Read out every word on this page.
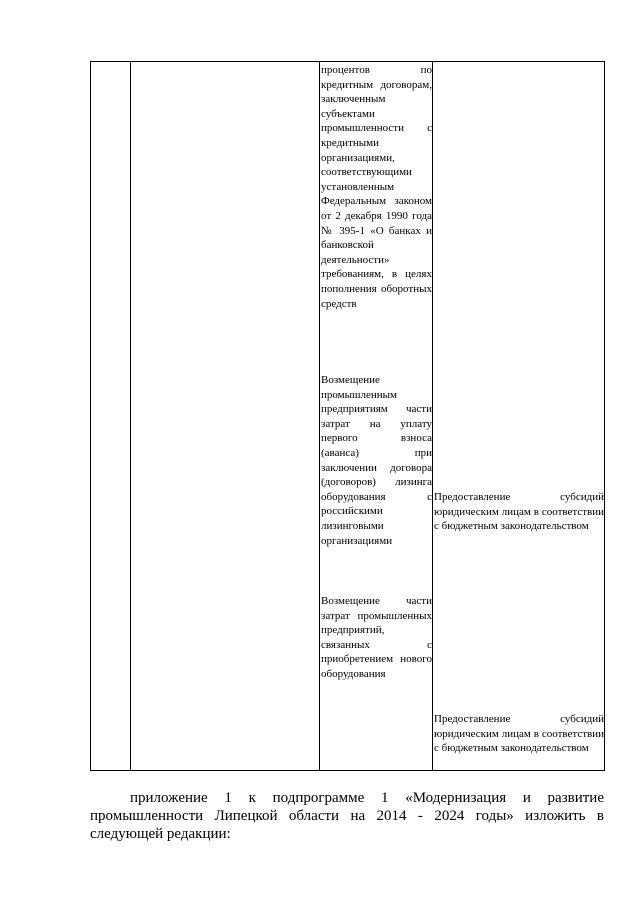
процентов по кредитным договорам, заключенным субъектами промышленности с кредитными организациями, соответствующими установленным Федеральным законом от 2 декабря 1990 года № 395-1 «О банках и банковской деятельности» требованиям, в целях пополнения оборотных средств
Возмещение промышленным предприятиям части затрат на уплату первого взноса (аванса) при заключении договора (договоров) лизинга оборудования с российскими лизинговыми организациями
Возмещение части затрат промышленных предприятий, связанных с приобретением нового оборудования
Предоставление субсидий юридическим лицам в соответствии с бюджетным законодательством
Предоставление субсидий юридическим лицам в соответствии с бюджетным законодательством
приложение 1 к подпрограмме 1 «Модернизация и развитие промышленности Липецкой области на 2014 - 2024 годы» изложить в следующей редакции:
